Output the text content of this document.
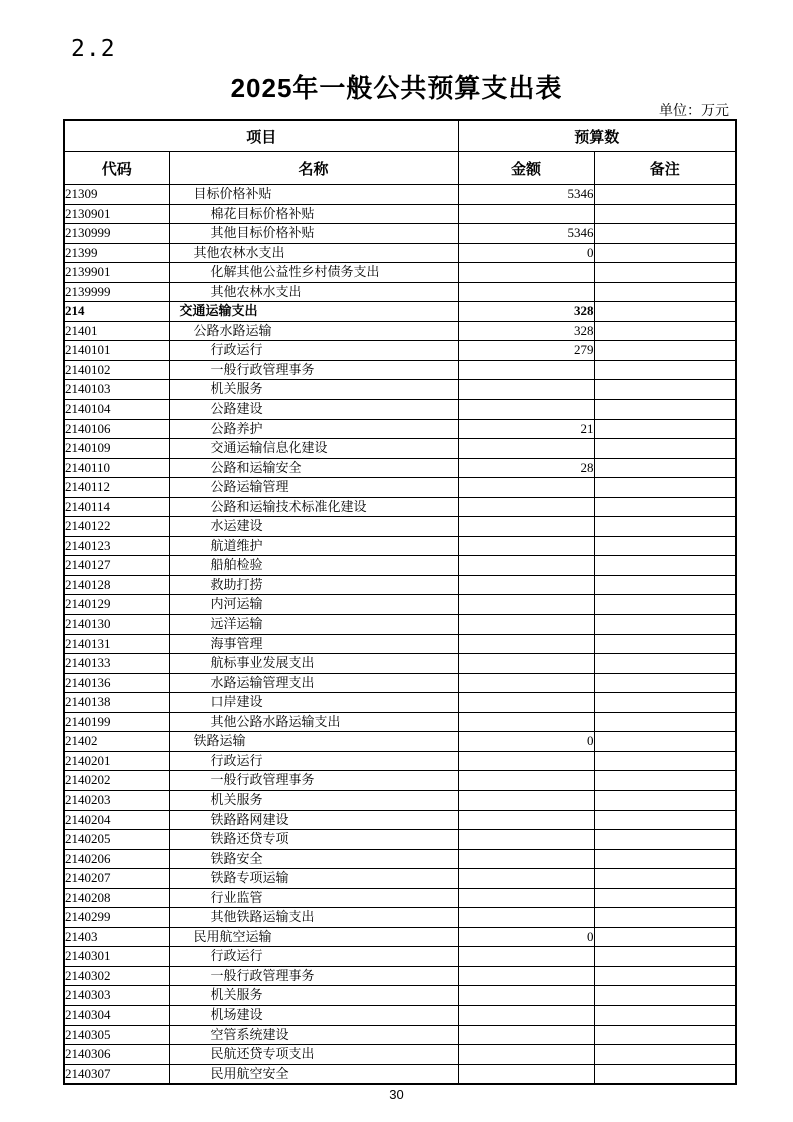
2.2
2025年一般公共预算支出表
单位：万元
项目		预算数	
代码	名称	金额	备注
21309	目标价格补贴	5346	
2130901	棉花目标价格补贴		
2130999	其他目标价格补贴	5346	
21399	其他农林水支出	0	
2139901	化解其他公益性乡村债务支出		
2139999	其他农林水支出		
214	交通运输支出	328	
21401	公路水路运输	328	
2140101	行政运行	279	
2140102	一般行政管理事务		
2140103	机关服务		
2140104	公路建设		
2140106	公路养护	21	
2140109	交通运输信息化建设		
2140110	公路和运输安全	28	
2140112	公路运输管理		
2140114	公路和运输技术标准化建设		
2140122	水运建设		
2140123	航道维护		
2140127	船舶检验		
2140128	救助打捞		
2140129	内河运输		
2140130	远洋运输		
2140131	海事管理		
2140133	航标事业发展支出		
2140136	水路运输管理支出		
2140138	口岸建设		
2140199	其他公路水路运输支出		
21402	铁路运输	0	
2140201	行政运行		
2140202	一般行政管理事务		
2140203	机关服务		
2140204	铁路路网建设		
2140205	铁路还贷专项		
2140206	铁路安全		
2140207	铁路专项运输		
2140208	行业监管		
2140299	其他铁路运输支出		
21403	民用航空运输	0	
2140301	行政运行		
2140302	一般行政管理事务		
2140303	机关服务		
2140304	机场建设		
2140305	空管系统建设		
2140306	民航还贷专项支出		
2140307	民用航空安全		
30
